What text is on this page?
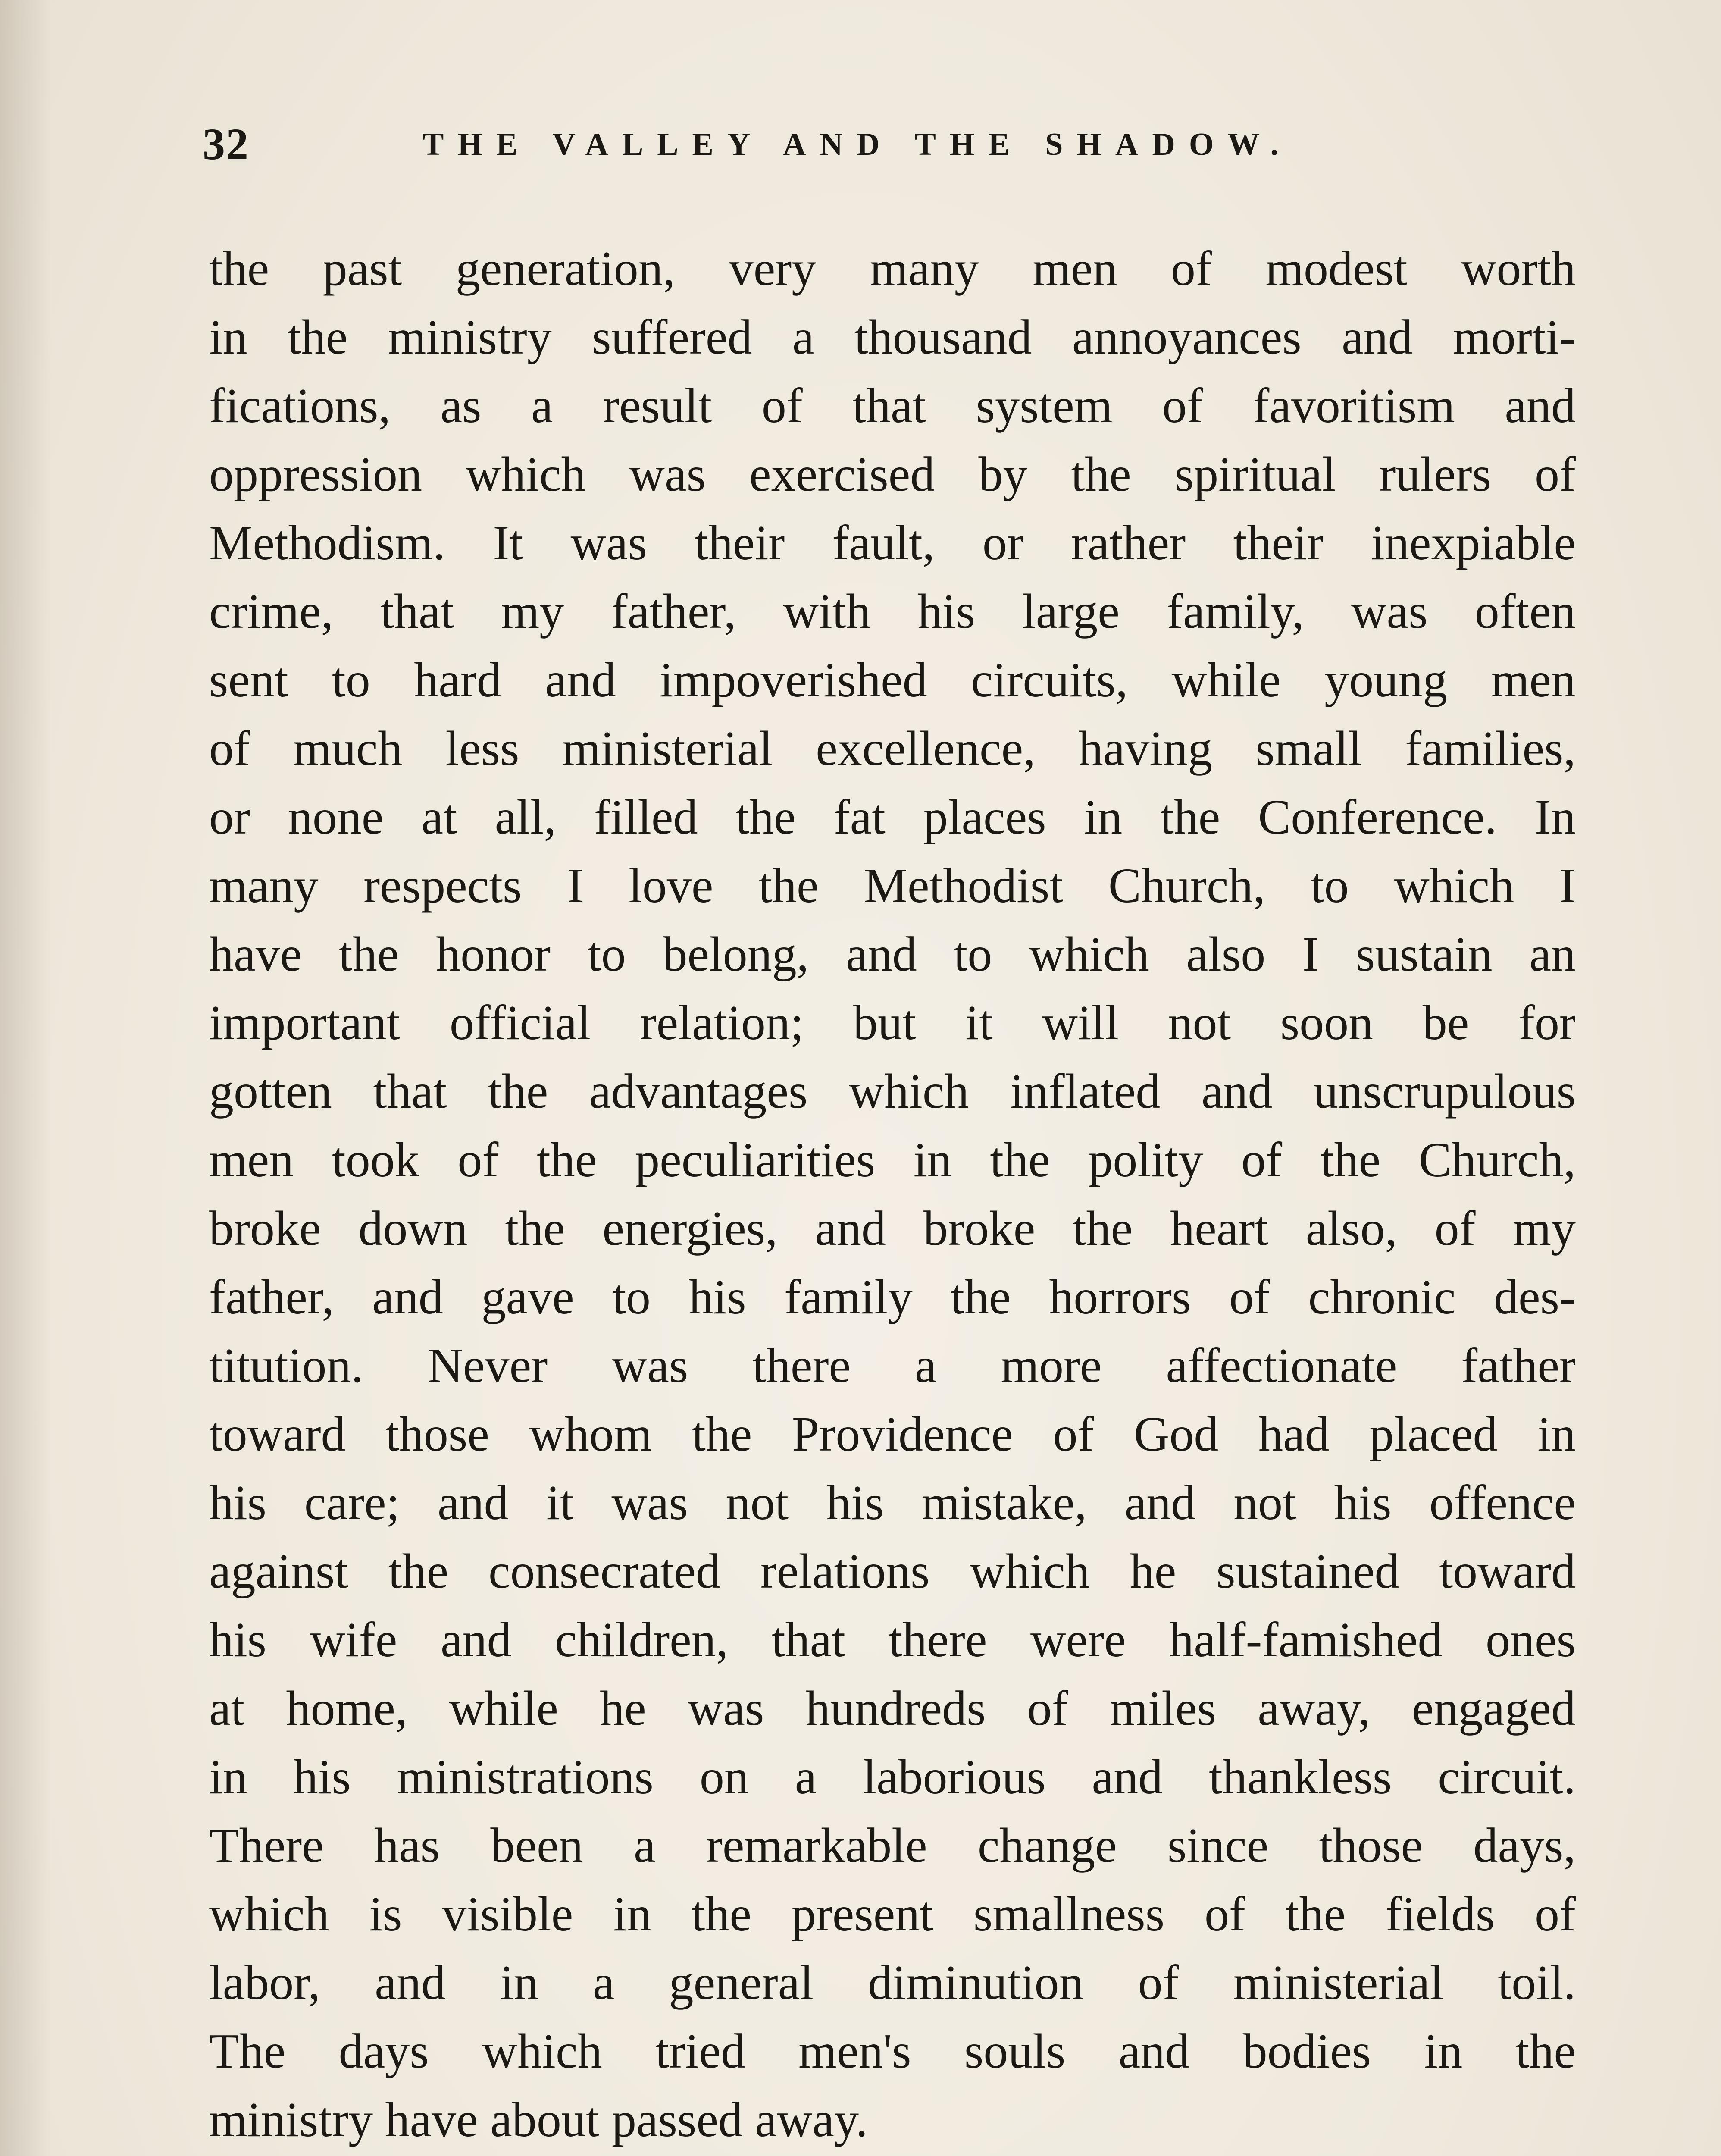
32	THE VALLEY AND THE SHADOW.
the past generation, very many men of modest worth
in the ministry suffered a thousand annoyances and morti-
fications, as a result of that system of favoritism and
oppression which was exercised by the spiritual rulers of
Methodism. It was their fault, or rather their inexpiable
crime, that my father, with his large family, was often
sent to hard and impoverished circuits, while young men
of much less ministerial excellence, having small families,
or none at all, filled the fat places in the Conference. In
many respects I love the Methodist Church, to which I
have the honor to belong, and to which also I sustain an
important official relation; but it will not soon be for
gotten that the advantages which inflated and unscrupulous
men took of the peculiarities in the polity of the Church,
broke down the energies, and broke the heart also, of my
father, and gave to his family the horrors of chronic des-
titution. Never was there a more affectionate father
toward those whom the Providence of God had placed in
his care; and it was not his mistake, and not his offence
against the consecrated relations which he sustained toward
his wife and children, that there were half-famished ones
at home, while he was hundreds of miles away, engaged
in his ministrations on a laborious and thankless circuit.
There has been a remarkable change since those days,
which is visible in the present smallness of the fields of
labor, and in a general diminution of ministerial toil.
The days which tried men's souls and bodies in the
ministry have about passed away.
